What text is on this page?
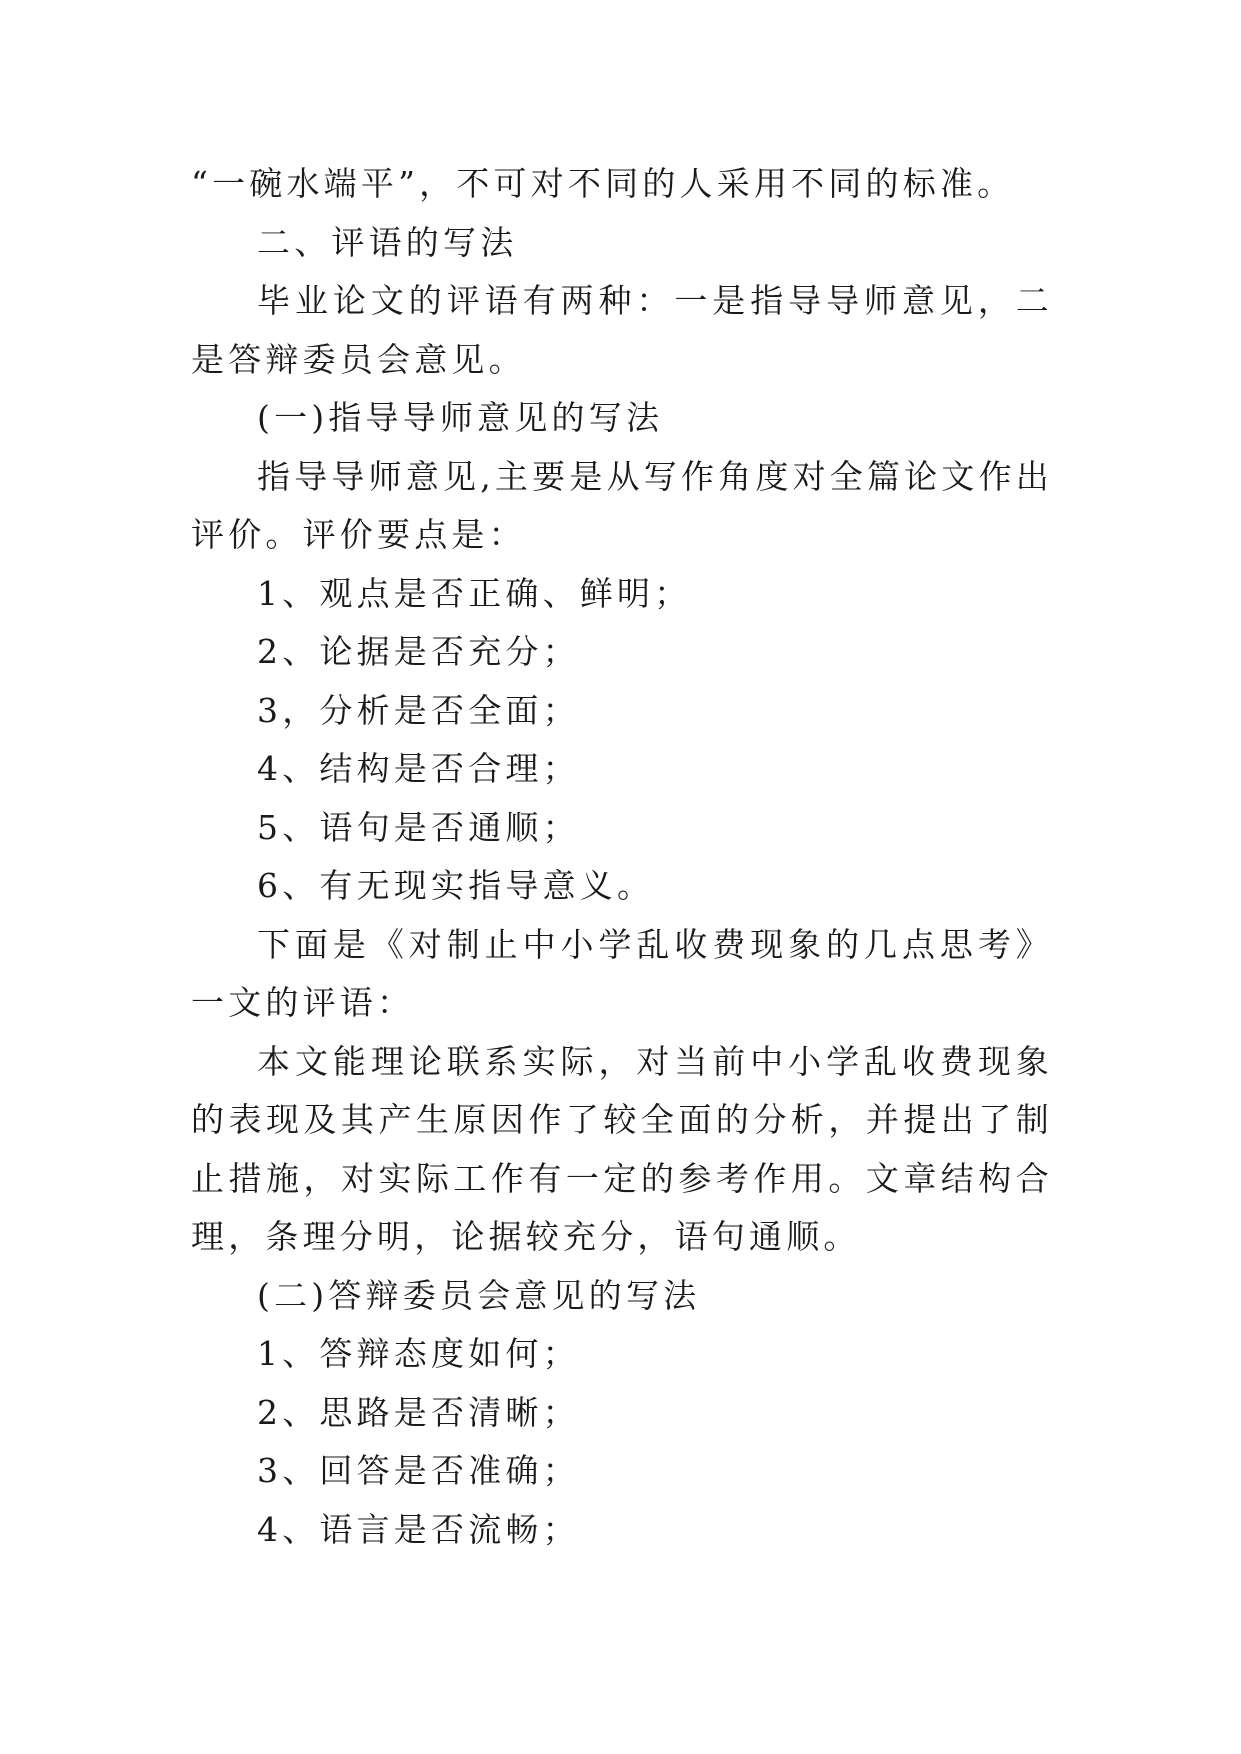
“一碗水端平”，不可对不同的人采用不同的标准。

二、评语的写法

毕业论文的评语有两种：一是指导导师意见，二是答辩委员会意见。

(一)指导导师意见的写法

指导导师意见,主要是从写作角度对全篇论文作出评价。评价要点是：

1、观点是否正确、鲜明；

2、论据是否充分；

3，分析是否全面；

4、结构是否合理；

5、语句是否通顺；

6、有无现实指导意义。

下面是《对制止中小学乱收费现象的几点思考》一文的评语：

本文能理论联系实际，对当前中小学乱收费现象的表现及其产生原因作了较全面的分析，并提出了制止措施，对实际工作有一定的参考作用。文章结构合理，条理分明，论据较充分，语句通顺。

(二)答辩委员会意见的写法

1、答辩态度如何；

2、思路是否清晰；

3、回答是否准确；

4、语言是否流畅；
